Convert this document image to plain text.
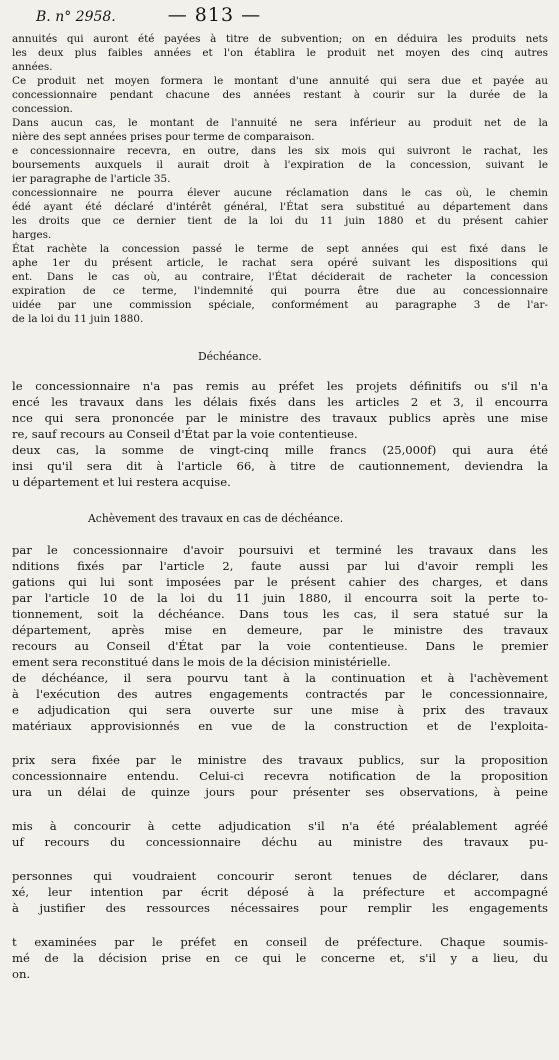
B. n° 2958.	— 813 —
annuités qui auront été payées à titre de subvention; on en déduira les produits nets
les deux plus faibles années et l'on établira le produit net moyen des cinq autres
années.
Ce produit net moyen formera le montant d'une annuité qui sera due et payée au
concessionnaire pendant chacune des années restant à courir sur la durée de la
concession.
Dans aucun cas, le montant de l'annuité ne sera inférieur au produit net de la
nière des sept années prises pour terme de comparaison.
e concessionnaire recevra, en outre, dans les six mois qui suivront le rachat, les
boursements auxquels il aurait droit à l'expiration de la concession, suivant le
ier paragraphe de l'article 35.
concessionnaire ne pourra élever aucune réclamation dans le cas où, le chemin
édé ayant été déclaré d'intérêt général, l'État sera substitué au département dans
les droits que ce dernier tient de la loi du 11 juin 1880 et du présent cahier
harges.
État rachète la concession passé le terme de sept années qui est fixé dans le
aphe 1er du présent article, le rachat sera opéré suivant les dispositions qui
ent. Dans le cas où, au contraire, l'État déciderait de racheter la concession
expiration de ce terme, l'indemnité qui pourra être due au concessionnaire
uidée par une commission spéciale, conformément au paragraphe 3 de l'ar-
de la loi du 11 juin 1880.
Déchéance.
le concessionnaire n'a pas remis au préfet les projets définitifs ou s'il n'a
encé les travaux dans les délais fixés dans les articles 2 et 3, il encourra
nce qui sera prononcée par le ministre des travaux publics après une mise
re, sauf recours au Conseil d'État par la voie contentieuse.
deux cas, la somme de vingt-cinq mille francs (25,000f) qui aura été
insi qu'il sera dit à l'article 66, à titre de cautionnement, deviendra la
u département et lui restera acquise.
Achèvement des travaux en cas de déchéance.
par le concessionnaire d'avoir poursuivi et terminé les travaux dans les
nditions fixés par l'article 2, faute aussi par lui d'avoir rempli les
gations qui lui sont imposées par le présent cahier des charges, et dans
par l'article 10 de la loi du 11 juin 1880, il encourra soit la perte to-
tionnement, soit la déchéance. Dans tous les cas, il sera statué sur la
département, après mise en demeure, par le ministre des travaux
recours au Conseil d'État par la voie contentieuse. Dans le premier
ement sera reconstitué dans le mois de la décision ministérielle.
de déchéance, il sera pourvu tant à la continuation et à l'achèvement
à l'exécution des autres engagements contractés par le concessionnaire,
e adjudication qui sera ouverte sur une mise à prix des travaux
matériaux approvisionnés en vue de la construction et de l'exploita-
prix sera fixée par le ministre des travaux publics, sur la proposition
concessionnaire entendu. Celui-ci recevra notification de la proposition
ura un délai de quinze jours pour présenter ses observations, à peine
mis à concourir à cette adjudication s'il n'a été préalablement agréé
uf recours du concessionnaire déchu au ministre des travaux pu-
personnes qui voudraient concourir seront tenues de déclarer, dans
xé, leur intention par écrit déposé à la préfecture et accompagné
à justifier des ressources nécessaires pour remplir les engagements
t examinées par le préfet en conseil de préfecture. Chaque soumis-
mé de la décision prise en ce qui le concerne et, s'il y a lieu, du
on.
